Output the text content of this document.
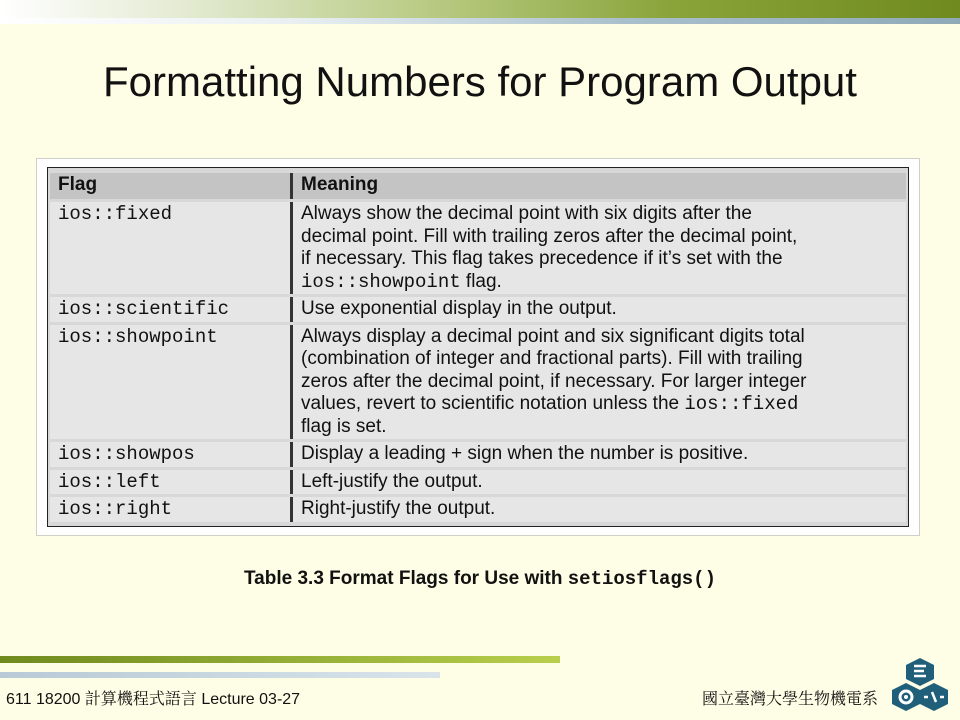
Formatting Numbers for Program Output
Flag	Meaning
ios::fixed	Always show the decimal point with six digits after the
decimal point. Fill with trailing zeros after the decimal point,
if necessary. This flag takes precedence if it’s set with the
ios::showpoint flag.

ios::scientific	Use exponential display in the output.

ios::showpoint	Always display a decimal point and six significant digits total
(combination of integer and fractional parts). Fill with trailing
zeros after the decimal point, if necessary. For larger integer
values, revert to scientific notation unless the ios::fixed
flag is set.

ios::showpos	Display a leading + sign when the number is positive.

ios::left	Left-justify the output.

ios::right	Right-justify the output.
Table 3.3 Format Flags for Use with setiosflags()
611 18200 計算機程式語言 Lecture 03-27	國立臺灣大學生物機電系
